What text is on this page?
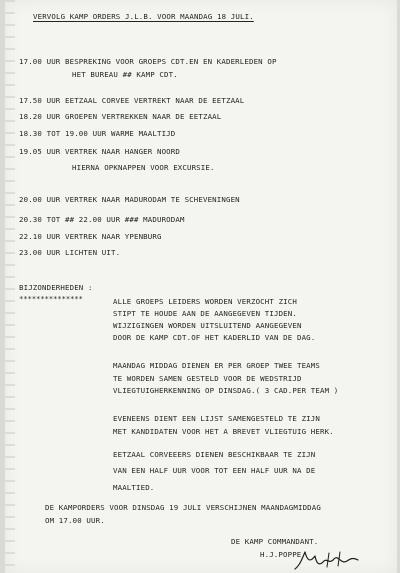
VERVOLG KAMP ORDERS J.L.B. VOOR MAANDAG 18 JULI.
17.00 UUR BESPREKING VOOR GROEPS CDT.EN EN KADERLEDEN OP
HET BUREAU ## KAMP CDT.
17.50 UUR EETZAAL CORVEE VERTREKT NAAR DE EETZAAL
18.20 UUR GROEPEN VERTREKKEN NAAR DE EETZAAL
18.30 TOT 19.00 UUR WARME MAALTIJD
19.05 UUR VERTREK NAAR HANGER NOORD
HIERNA OPKNAPPEN VOOR EXCURSIE.
20.00 UUR VERTREK NAAR MADURODAM TE SCHEVENINGEN
20.30 TOT ## 22.00 UUR ### MADURODAM
22.10 UUR VERTREK NAAR YPENBURG
23.00 UUR LICHTEN UIT.
BIJZONDERHEDEN :
***************	ALLE GROEPS LEIDERS WORDEN VERZOCHT ZICH
STIPT TE HOUDE AAN DE AANGEGEVEN TIJDEN.
WIJZIGINGEN WORDEN UITSLUITEND AANGEGEVEN
DOOR DE KAMP CDT.OF HET KADERLID VAN DE DAG.
MAANDAG MIDDAG DIENEN ER PER GROEP TWEE TEAMS
TE WORDEN SAMEN GESTELD VOOR DE WEDSTRIJD
VLIEGTUIGHERKENNING OP DINSDAG.( 3 CAD.PER TEAM )
EVENEENS DIENT EEN LIJST SAMENGESTELD TE ZIJN
MET KANDIDATEN VOOR HET A BREVET VLIEGTUIG HERK.
EETZAAL CORVEEERS DIENEN BESCHIKBAAR TE ZIJN
VAN EEN HALF UUR VOOR TOT EEN HALF UUR NA DE
MAALTIED.
DE KAMPORDERS VOOR DINSDAG 19 JULI VERSCHIJNEN MAANDAGMIDDAG
OM 17.00 UUR.
DE KAMP COMMANDANT.
H.J.POPPE
